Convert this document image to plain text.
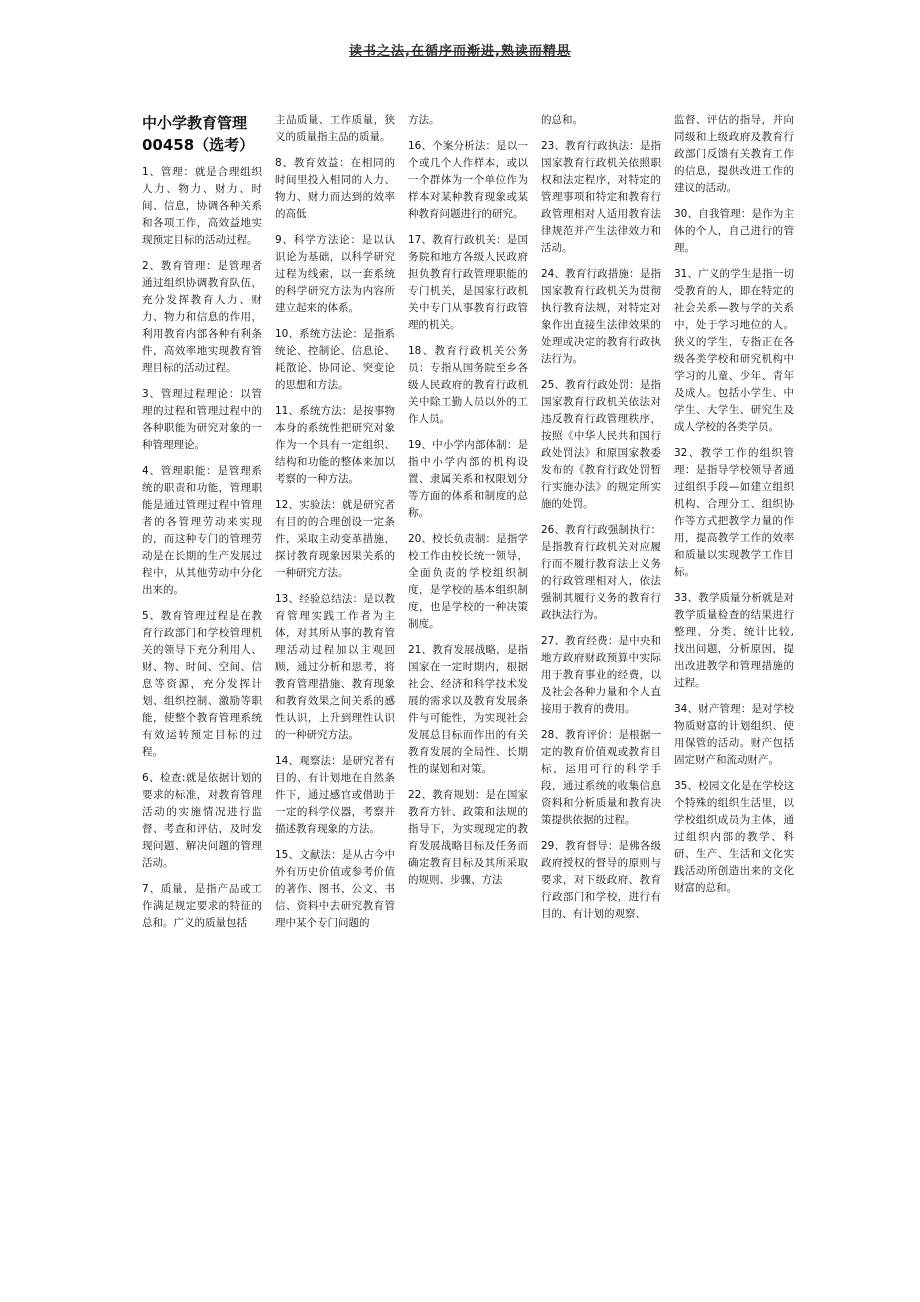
读书之法,在循序而渐进,熟读而精思
中小学教育管理
00458（选考）

1、管理：就是合理组织人力、物力、财力、时间、信息，协调各种关系和各项工作，高效益地实现预定目标的活动过程。

2、教育管理：是管理者通过组织协调教育队伍，充分发挥教育人力、财力、物力和信息的作用，利用教育内部各种有利条件，高效率地实现教育管理目标的活动过程。

3、管理过程理论：以管理的过程和管理过程中的各种职能为研究对象的一种管理理论。

4、管理职能：是管理系统的职责和功能，管理职能是通过管理过程中管理者的各管理劳动来实现的，而这种专门的管理劳动是在长期的生产发展过程中，从其他劳动中分化出来的。

5、教育管理过程是在教育行政部门和学校管理机关的领导下充分利用人、财、物、时间、空间、信息等资源，充分发挥计划、组织控制、激励等职能，使整个教育管理系统有效运转预定目标的过程。

6、检查:就是依据计划的要求的标准，对教育管理活动的实施情况进行监督、考查和评估，及时发现问题、解决问题的管理活动。

7、质量，是指产品或工作满足规定要求的特征的总和。广义的质量包括

主品质量、工作质量，狭义的质量指主品的质量。

8、教育效益：在相同的时间里投入相同的人力、物力、财力而达到的效率的高低

9、科学方法论：是以认识论为基础，以科学研究过程为线索，以一套系统的科学研究方法为内容所建立起来的体系。

10、系统方法论：是指系统论、控制论、信息论、耗散论、协同论、突变论的思想和方法。

11、系统方法：是按事物本身的系统性把研究对象作为一个具有一定组织、结构和功能的整体来加以考察的一种方法。

12、实验法：就是研究者有目的的合理创设一定条件，采取主动变革措施，探讨教育现象因果关系的一种研究方法。

13、经验总结法：是以教育管理实践工作者为主体，对其所从事的教育管理活动过程加以主观回顾，通过分析和思考，将教育管理措施、教育现象和教育效果之间关系的感性认识，上升到理性认识的一种研究方法。

14、观察法：是研究者有目的、有计划地在自然条件下，通过感官或借助于一定的科学仪器，考察并描述教育现象的方法。

15、文献法：是从古今中外有历史价值或参考价值的著作、图书、公文、书信、资料中去研究教育管理中某个专门问题的

方法。

16、个案分析法：是以一个或几个人作样本，或以一个群体为一个单位作为样本对某种教育现象或某种教育问题进行的研究。

17、教育行政机关：是国务院和地方各级人民政府担负教育行政管理职能的专门机关，是国家行政机关中专门从事教育行政管理的机关。

18、教育行政机关公务员：专指从国务院至乡各级人民政府的教育行政机关中除工勤人员以外的工作人员。

19、中小学内部体制：是指中小学内部的机构设置、隶属关系和权限划分等方面的体系和制度的总称。

20、校长负责制：是指学校工作由校长统一领导，全面负责的学校组织制度，是学校的基本组织制度，也是学校的一种决策制度。

21、教育发展战略，是指国家在一定时期内，根据社会、经济和科学技术发展的需求以及教育发展条件与可能性，为实现社会发展总目标而作出的有关教育发展的全局性、长期性的谋划和对策。

22、教育规划：是在国家教育方针、政策和法规的指导下，为实现现定的教育发展战略目标及任务而确定教育目标及其所采取的规则、步骤、方法

的总和。

23、教育行政执法：是指国家教育行政机关依照职权和法定程序，对特定的管理事项和特定和教育行政管理相对人适用教育法律规范并产生法律效力和活动。

24、教育行政措施：是指国家教育行政机关为贯彻执行教育法规，对特定对象作出直接生法律效果的处理或决定的教育行政执法行为。

25、教育行政处罚：是指国家教育行政机关依法对违反教育行政管理秩序，按照《中华人民共和国行政处罚法》和原国家教委发布的《教育行政处罚暂行实施办法》的规定所实施的处罚。

26、教育行政强制执行：是指教育行政机关对应履行而不履行教育法上义务的行政管理相对人，依法强制其履行义务的教育行政执法行为。

27、教育经费：是中央和地方政府财政预算中实际用于教育事业的经费，以及社会各种力量和个人直接用于教育的费用。

28、教育评价：是根据一定的教育价值观或教育目标，运用可行的科学手段，通过系统的收集信息资料和分析质量和教育决策提供依据的过程。

29、教育督导：是佛各级政府授权的督导的原则与要求，对下级政府、教育行政部门和学校，进行有目的、有计划的观察、

监督、评估的指导，并向同级和上级政府及教育行政部门反馈有关教育工作的信息，提供改进工作的建议的活动。

30、自我管理：是作为主体的个人，自己进行的管理。

31、广义的学生是指一切受教育的人，即在特定的社会关系—教与学的关系中，处于学习地位的人。狭义的学生，专指正在各级各类学校和研究机构中学习的儿童、少年、青年及成人。包括小学生、中学生、大学生、研究生及成人学校的各类学员。

32、教学工作的组织管理：是指导学校领导者通过组织手段—如建立组织机构、合理分工、组织协作等方式把教学力量的作用，提高教学工作的效率和质量以实现教学工作目标。

33、教学质量分析就是对教学质量检查的结果进行整理、分类、统计比较, 找出问题，分析原因，提出改进教学和管理措施的过程。

34、财产管理：是对学校物质财富的计划组织、使用保管的活动。财产包括固定财产和流动财产。

35、校园文化是在学校这个特殊的组织生活里，以学校组织成员为主体，通过组织内部的教学、科研、生产、生活和文化实践活动所创造出来的文化财富的总和。
